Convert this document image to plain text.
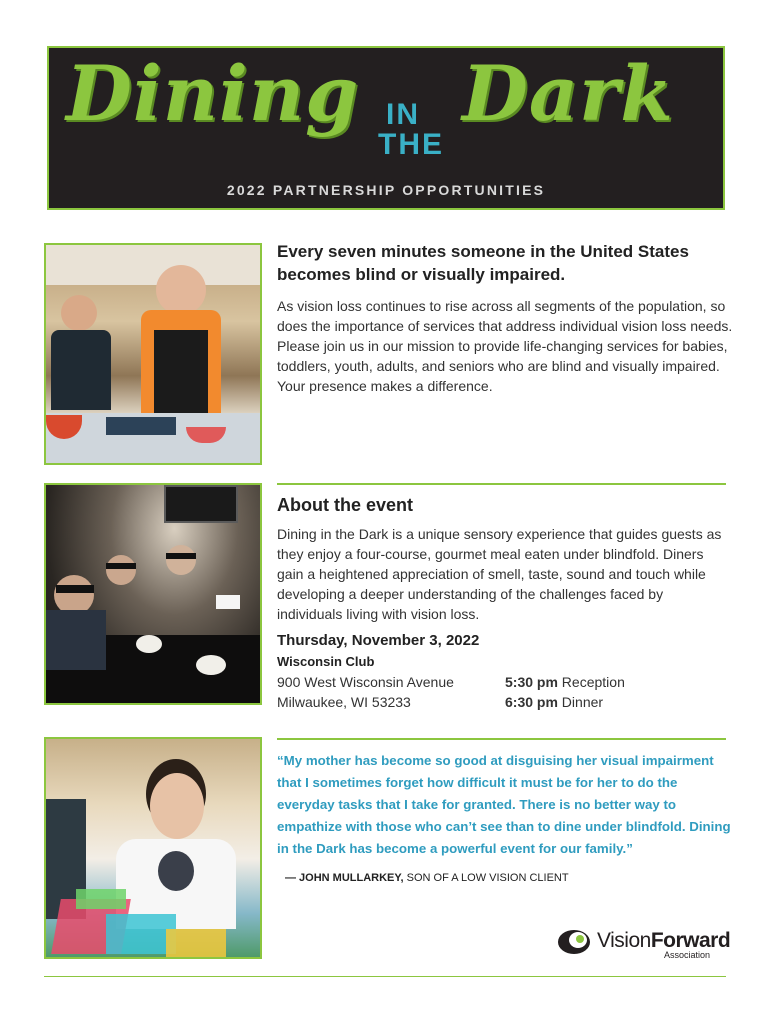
Dining IN
THE
Dark
2022 PARTNERSHIP OPPORTUNITIES
Every seven minutes someone in the United States becomes blind or visually impaired.
As vision loss continues to rise across all segments of the population, so does the importance of services that address individual vision loss needs. Please join us in our mission to provide life-changing services for babies, toddlers, youth, adults, and seniors who are blind and visually impaired. Your presence makes a difference.
About the event
Dining in the Dark is a unique sensory experience that guides guests as they enjoy a four-course, gourmet meal eaten under blindfold. Diners gain a heightened appreciation of smell, taste, sound and touch while developing a deeper understanding of the challenges faced by individuals living with vision loss.
Thursday, November 3, 2022
Wisconsin Club
900 West Wisconsin Avenue
Milwaukee, WI 53233
5:30 pm Reception
6:30 pm Dinner
“My mother has become so good at disguising her visual impairment that I sometimes forget how difficult it must be for her to do the everyday tasks that I take for granted. There is no better way to empathize with those who can’t see than to dine under blindfold. Dining in the Dark has become a powerful event for our family.”
— JOHN MULLARKEY, SON OF A LOW VISION CLIENT
VisionForward
Association
